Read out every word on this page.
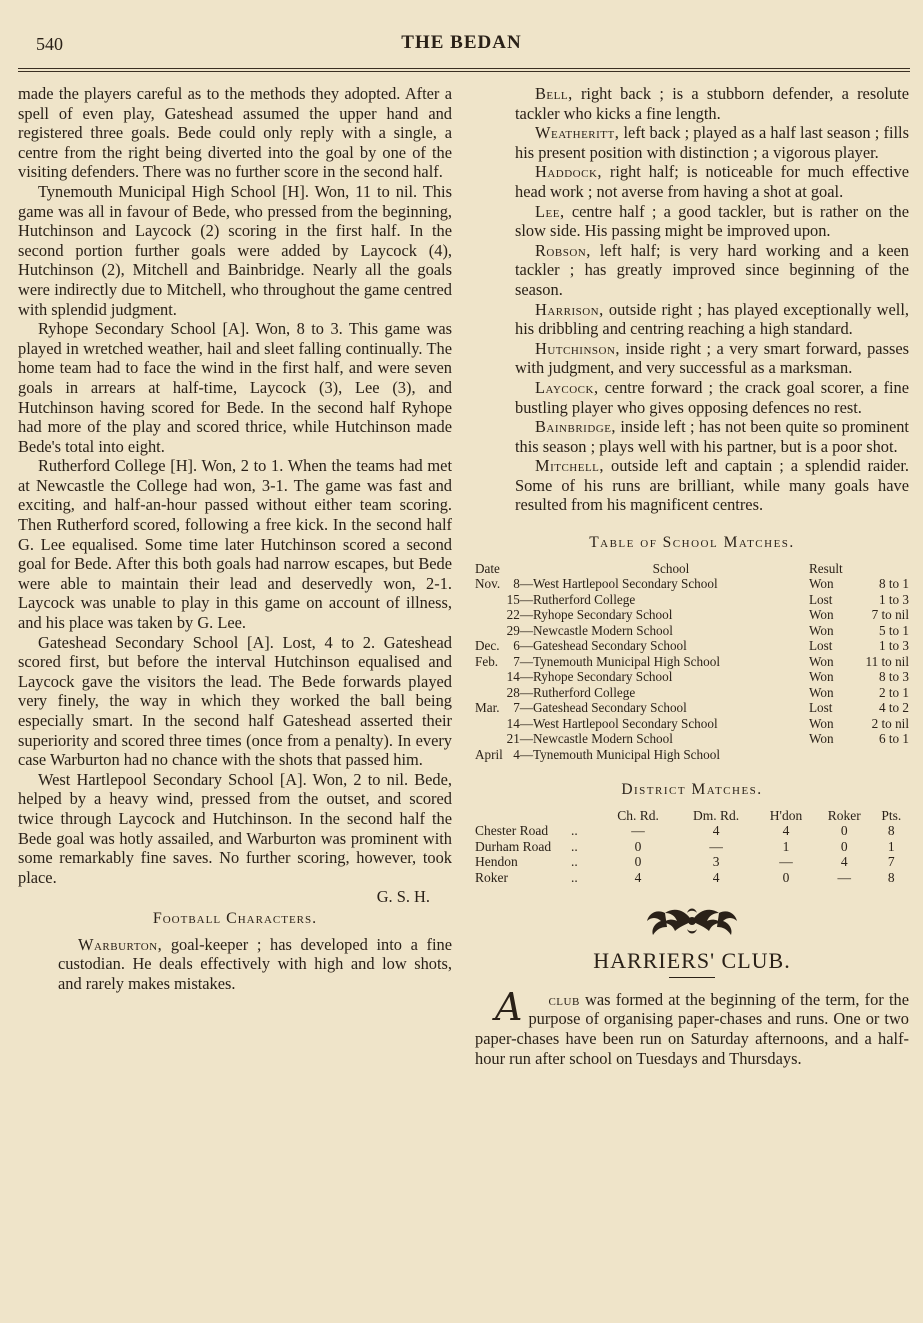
540	THE BEDAN

made the players careful as to the methods they adopted. After a spell of even play, Gateshead assumed the upper hand and registered three goals. Bede could only reply with a single, a centre from the right being diverted into the goal by one of the visiting defenders. There was no further score in the second half.

Tynemouth Municipal High School [H]. Won, 11 to nil. This game was all in favour of Bede, who pressed from the beginning, Hutchinson and Laycock (2) scoring in the first half. In the second portion further goals were added by Laycock (4), Hutchinson (2), Mitchell and Bainbridge. Nearly all the goals were indirectly due to Mitchell, who throughout the game centred with splendid judgment.

Ryhope Secondary School [A]. Won, 8 to 3. This game was played in wretched weather, hail and sleet falling continually. The home team had to face the wind in the first half, and were seven goals in arrears at half-time, Laycock (3), Lee (3), and Hutchinson having scored for Bede. In the second half Ryhope had more of the play and scored thrice, while Hutchinson made Bede's total into eight.

Rutherford College [H]. Won, 2 to 1. When the teams had met at Newcastle the College had won, 3-1. The game was fast and exciting, and half-an-hour passed without either team scoring. Then Rutherford scored, following a free kick. In the second half G. Lee equalised. Some time later Hutchinson scored a second goal for Bede. After this both goals had narrow escapes, but Bede were able to maintain their lead and deservedly won, 2-1. Laycock was unable to play in this game on account of illness, and his place was taken by G. Lee.

Gateshead Secondary School [A]. Lost, 4 to 2. Gateshead scored first, but before the interval Hutchinson equalised and Laycock gave the visitors the lead. The Bede forwards played very finely, the way in which they worked the ball being especially smart. In the second half Gateshead asserted their superiority and scored three times (once from a penalty). In every case Warburton had no chance with the shots that passed him.

West Hartlepool Secondary School [A]. Won, 2 to nil. Bede, helped by a heavy wind, pressed from the outset, and scored twice through Laycock and Hutchinson. In the second half the Bede goal was hotly assailed, and Warburton was prominent with some remarkably fine saves. No further scoring, however, took place.

G. S. H.

Football Characters.

Warburton, goal-keeper ; has developed into a fine custodian. He deals effectively with high and low shots, and rarely makes mistakes.

Bell, right back ; is a stubborn defender, a resolute tackler who kicks a fine length.

Weatheritt, left back ; played as a half last season ; fills his present position with distinction ; a vigorous player.

Haddock, right half; is noticeable for much effective head work ; not averse from having a shot at goal.

Lee, centre half ; a good tackler, but is rather on the slow side. His passing might be improved upon.

Robson, left half; is very hard working and a keen tackler ; has greatly improved since beginning of the season.

Harrison, outside right ; has played exceptionally well, his dribbling and centring reaching a high standard.

Hutchinson, inside right ; a very smart forward, passes with judgment, and very successful as a marksman.

Laycock, centre forward ; the crack goal scorer, a fine bustling player who gives opposing defences no rest.

Bainbridge, inside left ; has not been quite so prominent this season ; plays well with his partner, but is a poor shot.

Mitchell, outside left and captain ; a splendid raider. Some of his runs are brilliant, while many goals have resulted from his magnificent centres.

Table of School Matches.
Date	School	Result	
Nov. 8—	West Hartlepool Secondary School	Won	8 to 1

15—	Rutherford College	Lost	1 to 3

22—	Ryhope Secondary School	Won	7 to nil

29—	Newcastle Modern School	Won	5 to 1
Dec. 6—	Gateshead Secondary School	Lost	1 to 3
Feb. 7—	Tynemouth Municipal High School	Won	11 to nil

14—	Ryhope Secondary School	Won	8 to 3

28—	Rutherford College	Won	2 to 1
Mar. 7—	Gateshead Secondary School	Lost	4 to 2

14—	West Hartlepool Secondary School	Won	2 to nil

21—	Newcastle Modern School	Won	6 to 1
April 4—	Tynemouth Municipal High School		
District Matches.
		Ch. Rd.	Dm. Rd.	H'don	Roker	Pts.
Chester Road	..	—	4	4	0	8
Durham Road	..	0	—	1	0	1
Hendon	..	0	3	—	4	7
Roker	..	4	4	0	—	8
HARRIERS' CLUB.

A club was formed at the beginning of the term, for the purpose of organising paper-chases and runs. One or two paper-chases have been run on Saturday afternoons, and a half-hour run after school on Tuesdays and Thursdays.
